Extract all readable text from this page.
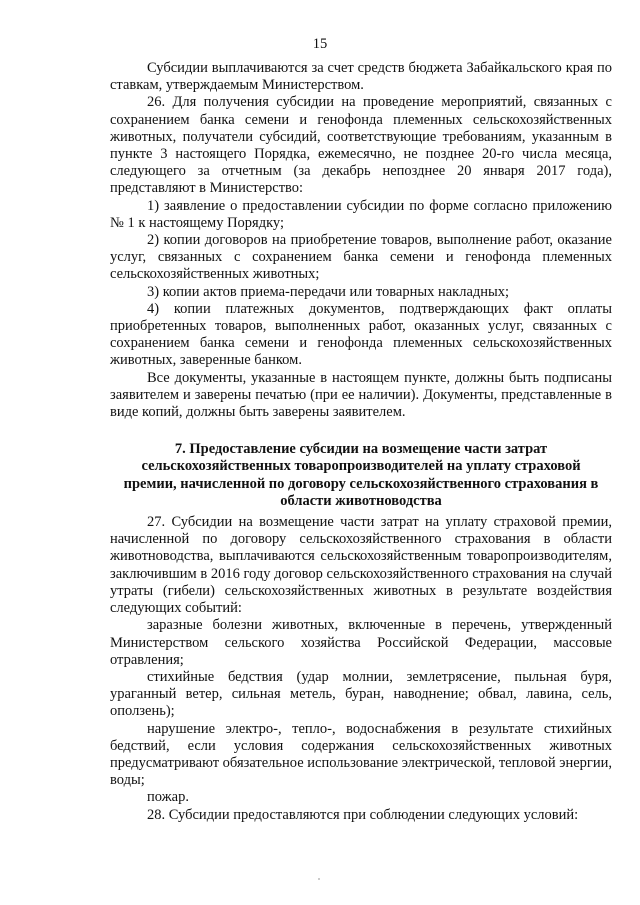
15

Субсидии выплачиваются за счет средств бюджета Забайкальского края по ставкам, утверждаемым Министерством.

26. Для получения субсидии на проведение мероприятий, связанных с сохранением банка семени и генофонда племенных сельскохозяйственных животных, получатели субсидий, соответствующие требованиям, указанным в пункте 3 настоящего Порядка, ежемесячно, не позднее 20-го числа месяца, следующего за отчетным (за декабрь непозднее 20 января 2017 года), представляют в Министерство:

1) заявление о предоставлении субсидии по форме согласно приложению № 1 к настоящему Порядку;

2) копии договоров на приобретение товаров, выполнение работ, оказание услуг, связанных с сохранением банка семени и генофонда племенных сельскохозяйственных животных;

3) копии актов приема-передачи или товарных накладных;

4) копии платежных документов, подтверждающих факт оплаты приобретенных товаров, выполненных работ, оказанных услуг, связанных с сохранением банка семени и генофонда племенных сельскохозяйственных животных, заверенные банком.

Все документы, указанные в настоящем пункте, должны быть подписаны заявителем и заверены печатью (при ее наличии). Документы, представленные в виде копий, должны быть заверены заявителем.

7. Предоставление субсидии на возмещение части затрат
сельскохозяйственных товаропроизводителей на уплату страховой
премии, начисленной по договору сельскохозяйственного страхования в
области животноводства

27. Субсидии на возмещение части затрат на уплату страховой премии, начисленной по договору сельскохозяйственного страхования в области животноводства, выплачиваются сельскохозяйственным товаропроизводителям, заключившим в 2016 году договор сельскохозяйственного страхования на случай утраты (гибели) сельскохозяйственных животных в результате воздействия следующих событий:

заразные болезни животных, включенные в перечень, утвержденный Министерством сельского хозяйства Российской Федерации, массовые отравления;

стихийные бедствия (удар молнии, землетрясение, пыльная буря, ураганный ветер, сильная метель, буран, наводнение; обвал, лавина, сель, оползень);

нарушение электро-, тепло-, водоснабжения в результате стихийных бедствий, если условия содержания сельскохозяйственных животных предусматривают обязательное использование электрической, тепловой энергии, воды;

пожар.

28. Субсидии предоставляются при соблюдении следующих условий:
